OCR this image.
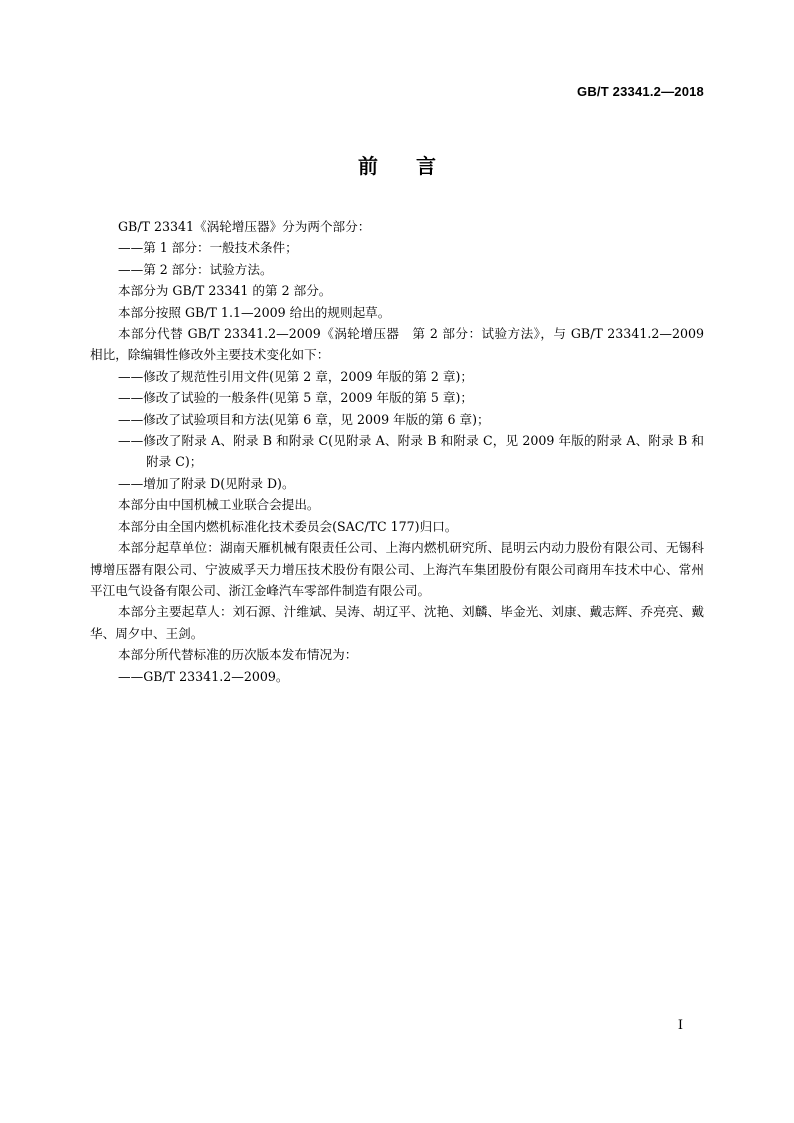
GB/T 23341.2—2018
前言

GB/T 23341《涡轮增压器》分为两个部分：

——第 1 部分：一般技术条件；

——第 2 部分：试验方法。

本部分为 GB/T 23341 的第 2 部分。

本部分按照 GB/T 1.1—2009 给出的规则起草。

本部分代替 GB/T 23341.2—2009《涡轮增压器　第 2 部分：试验方法》，与 GB/T 23341.2—2009 相比，除编辑性修改外主要技术变化如下：

——修改了规范性引用文件(见第 2 章，2009 年版的第 2 章)；

——修改了试验的一般条件(见第 5 章，2009 年版的第 5 章)；

——修改了试验项目和方法(见第 6 章，见 2009 年版的第 6 章)；

——修改了附录 A、附录 B 和附录 C(见附录 A、附录 B 和附录 C，见 2009 年版的附录 A、附录 B 和附录 C)；

——增加了附录 D(见附录 D)。

本部分由中国机械工业联合会提出。

本部分由全国内燃机标准化技术委员会(SAC/TC 177)归口。

本部分起草单位：湖南天雁机械有限责任公司、上海内燃机研究所、昆明云内动力股份有限公司、无锡科博增压器有限公司、宁波威孚天力增压技术股份有限公司、上海汽车集团股份有限公司商用车技术中心、常州平江电气设备有限公司、浙江金峰汽车零部件制造有限公司。

本部分主要起草人：刘石源、汁维斌、吴涛、胡辽平、沈艳、刘麟、毕金光、刘康、戴志辉、乔亮亮、戴华、周夕中、王剑。

本部分所代替标准的历次版本发布情况为：

——GB/T 23341.2—2009。

I
